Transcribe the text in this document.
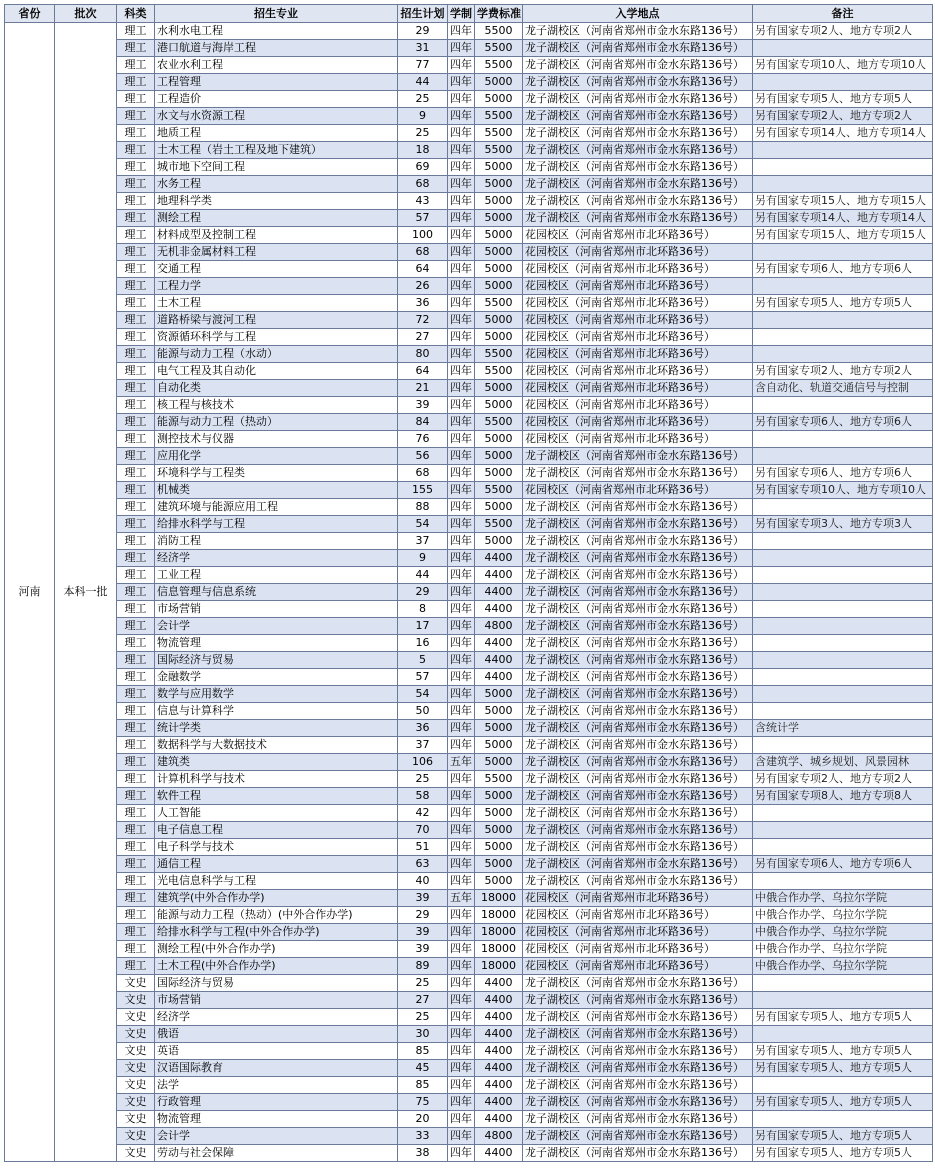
省份	批次	科类	招生专业	招生计划	学制	学费标准	入学地点	备注
河南	本科一批	理工	水利水电工程	29	四年	5500	龙子湖校区（河南省郑州市金水东路136号）	另有国家专项2人、地方专项2人
		理工	港口航道与海岸工程	31	四年	5500	龙子湖校区（河南省郑州市金水东路136号）	
		理工	农业水利工程	77	四年	5500	龙子湖校区（河南省郑州市金水东路136号）	另有国家专项10人、地方专项10人
		理工	工程管理	44	四年	5000	龙子湖校区（河南省郑州市金水东路136号）	
		理工	工程造价	25	四年	5000	龙子湖校区（河南省郑州市金水东路136号）	另有国家专项5人、地方专项5人
		理工	水文与水资源工程	9	四年	5500	龙子湖校区（河南省郑州市金水东路136号）	另有国家专项2人、地方专项2人
		理工	地质工程	25	四年	5500	龙子湖校区（河南省郑州市金水东路136号）	另有国家专项14人、地方专项14人
		理工	土木工程（岩土工程及地下建筑）	18	四年	5500	龙子湖校区（河南省郑州市金水东路136号）	
		理工	城市地下空间工程	69	四年	5000	龙子湖校区（河南省郑州市金水东路136号）	
		理工	水务工程	68	四年	5000	龙子湖校区（河南省郑州市金水东路136号）	
		理工	地理科学类	43	四年	5000	龙子湖校区（河南省郑州市金水东路136号）	另有国家专项15人、地方专项15人
		理工	测绘工程	57	四年	5000	龙子湖校区（河南省郑州市金水东路136号）	另有国家专项14人、地方专项14人
		理工	材料成型及控制工程	100	四年	5000	花园校区（河南省郑州市北环路36号）	另有国家专项15人、地方专项15人
		理工	无机非金属材料工程	68	四年	5000	花园校区（河南省郑州市北环路36号）	
		理工	交通工程	64	四年	5000	花园校区（河南省郑州市北环路36号）	另有国家专项6人、地方专项6人
		理工	工程力学	26	四年	5000	花园校区（河南省郑州市北环路36号）	
		理工	土木工程	36	四年	5500	花园校区（河南省郑州市北环路36号）	另有国家专项5人、地方专项5人
		理工	道路桥梁与渡河工程	72	四年	5000	花园校区（河南省郑州市北环路36号）	
		理工	资源循环科学与工程	27	四年	5000	花园校区（河南省郑州市北环路36号）	
		理工	能源与动力工程（水动）	80	四年	5500	花园校区（河南省郑州市北环路36号）	
		理工	电气工程及其自动化	64	四年	5500	花园校区（河南省郑州市北环路36号）	另有国家专项2人、地方专项2人
		理工	自动化类	21	四年	5000	花园校区（河南省郑州市北环路36号）	含自动化、轨道交通信号与控制
		理工	核工程与核技术	39	四年	5000	花园校区（河南省郑州市北环路36号）	
		理工	能源与动力工程（热动）	84	四年	5500	花园校区（河南省郑州市北环路36号）	另有国家专项6人、地方专项6人
		理工	测控技术与仪器	76	四年	5000	花园校区（河南省郑州市北环路36号）	
		理工	应用化学	56	四年	5000	龙子湖校区（河南省郑州市金水东路136号）	
		理工	环境科学与工程类	68	四年	5000	龙子湖校区（河南省郑州市金水东路136号）	另有国家专项6人、地方专项6人
		理工	机械类	155	四年	5500	花园校区（河南省郑州市北环路36号）	另有国家专项10人、地方专项10人
		理工	建筑环境与能源应用工程	88	四年	5000	龙子湖校区（河南省郑州市金水东路136号）	
		理工	给排水科学与工程	54	四年	5500	龙子湖校区（河南省郑州市金水东路136号）	另有国家专项3人、地方专项3人
		理工	消防工程	37	四年	5000	龙子湖校区（河南省郑州市金水东路136号）	
		理工	经济学	9	四年	4400	龙子湖校区（河南省郑州市金水东路136号）	
		理工	工业工程	44	四年	4400	龙子湖校区（河南省郑州市金水东路136号）	
		理工	信息管理与信息系统	29	四年	4400	龙子湖校区（河南省郑州市金水东路136号）	
		理工	市场营销	8	四年	4400	龙子湖校区（河南省郑州市金水东路136号）	
		理工	会计学	17	四年	4800	龙子湖校区（河南省郑州市金水东路136号）	
		理工	物流管理	16	四年	4400	龙子湖校区（河南省郑州市金水东路136号）	
		理工	国际经济与贸易	5	四年	4400	龙子湖校区（河南省郑州市金水东路136号）	
		理工	金融数学	57	四年	4400	龙子湖校区（河南省郑州市金水东路136号）	
		理工	数学与应用数学	54	四年	5000	龙子湖校区（河南省郑州市金水东路136号）	
		理工	信息与计算科学	50	四年	5000	龙子湖校区（河南省郑州市金水东路136号）	
		理工	统计学类	36	四年	5000	龙子湖校区（河南省郑州市金水东路136号）	含统计学
		理工	数据科学与大数据技术	37	四年	5000	龙子湖校区（河南省郑州市金水东路136号）	
		理工	建筑类	106	五年	5000	龙子湖校区（河南省郑州市金水东路136号）	含建筑学、城乡规划、风景园林
		理工	计算机科学与技术	25	四年	5500	龙子湖校区（河南省郑州市金水东路136号）	另有国家专项2人、地方专项2人
		理工	软件工程	58	四年	5000	龙子湖校区（河南省郑州市金水东路136号）	另有国家专项8人、地方专项8人
		理工	人工智能	42	四年	5000	龙子湖校区（河南省郑州市金水东路136号）	
		理工	电子信息工程	70	四年	5000	龙子湖校区（河南省郑州市金水东路136号）	
		理工	电子科学与技术	51	四年	5000	龙子湖校区（河南省郑州市金水东路136号）	
		理工	通信工程	63	四年	5000	龙子湖校区（河南省郑州市金水东路136号）	另有国家专项6人、地方专项6人
		理工	光电信息科学与工程	40	四年	5000	龙子湖校区（河南省郑州市金水东路136号）	
		理工	建筑学(中外合作办学)	39	五年	18000	花园校区（河南省郑州市北环路36号）	中俄合作办学、乌拉尔学院
		理工	能源与动力工程（热动）(中外合作办学)	29	四年	18000	花园校区（河南省郑州市北环路36号）	中俄合作办学、乌拉尔学院
		理工	给排水科学与工程(中外合作办学)	39	四年	18000	花园校区（河南省郑州市北环路36号）	中俄合作办学、乌拉尔学院
		理工	测绘工程(中外合作办学)	39	四年	18000	花园校区（河南省郑州市北环路36号）	中俄合作办学、乌拉尔学院
		理工	土木工程(中外合作办学)	89	四年	18000	花园校区（河南省郑州市北环路36号）	中俄合作办学、乌拉尔学院
		文史	国际经济与贸易	25	四年	4400	龙子湖校区（河南省郑州市金水东路136号）	
		文史	市场营销	27	四年	4400	龙子湖校区（河南省郑州市金水东路136号）	
		文史	经济学	25	四年	4400	龙子湖校区（河南省郑州市金水东路136号）	另有国家专项5人、地方专项5人
		文史	俄语	30	四年	4400	龙子湖校区（河南省郑州市金水东路136号）	
		文史	英语	85	四年	4400	龙子湖校区（河南省郑州市金水东路136号）	另有国家专项5人、地方专项5人
		文史	汉语国际教育	45	四年	4400	龙子湖校区（河南省郑州市金水东路136号）	另有国家专项5人、地方专项5人
		文史	法学	85	四年	4400	龙子湖校区（河南省郑州市金水东路136号）	
		文史	行政管理	75	四年	4400	龙子湖校区（河南省郑州市金水东路136号）	另有国家专项5人、地方专项5人
		文史	物流管理	20	四年	4400	龙子湖校区（河南省郑州市金水东路136号）	
		文史	会计学	33	四年	4800	龙子湖校区（河南省郑州市金水东路136号）	另有国家专项5人、地方专项5人
		文史	劳动与社会保障	38	四年	4400	龙子湖校区（河南省郑州市金水东路136号）	另有国家专项5人、地方专项5人
